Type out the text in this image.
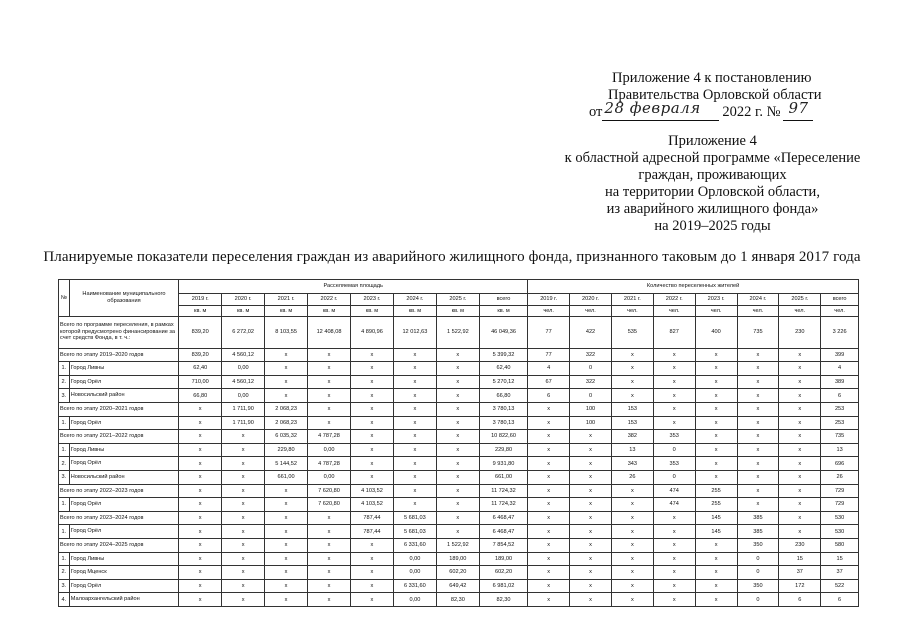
Приложение 4 к постановлению
Правительства Орловской области
от 28 февраля 2022 г. № 97
Приложение 4
к областной адресной программе «Переселение
граждан, проживающих
на территории Орловской области,
из аварийного жилищного фонда»
на 2019–2025 годы
Планируемые показатели переселения граждан из аварийного жилищного фонда, признанного таковым до 1 января 2017 года
№	Наименование муниципального образования	Расселяемая площадь								Количество переселенных жителей							
		2019 г.	2020 г.	2021 г.	2022 г.	2023 г.	2024 г.	2025 г.	всего	2019 г.	2020 г.	2021 г.	2022 г.	2023 г.	2024 г.	2025 г.	всего
		кв. м	кв. м	кв. м	кв. м	кв. м	кв. м	кв. м	кв. м	чел.	чел.	чел.	чел.	чел.	чел.	чел.	чел.
Всего по программе переселения, в рамках которой предусмотрено финансирование за счет средств Фонда, в т. ч.:		839,20	6 272,02	8 103,55	12 408,08	4 890,96	12 012,63	1 522,92	46 049,36	77	422	535	827	400	735	230	3 226
Всего по этапу 2019–2020 годов		839,20	4 560,12	x	x	x	x	x	5 399,32	77	322	x	x	x	x	x	399
1.	Город Ливны	62,40	0,00	x	x	x	x	x	62,40	4	0	x	x	x	x	x	4
2.	Город Орёл	710,00	4 560,12	x	x	x	x	x	5 270,12	67	322	x	x	x	x	x	389
3.	Новосильский район	66,80	0,00	x	x	x	x	x	66,80	6	0	x	x	x	x	x	6
Всего по этапу 2020–2021 годов		x	1 711,90	2 068,23	x	x	x	x	3 780,13	x	100	153	x	x	x	x	253
1.	Город Орёл	x	1 711,90	2 068,23	x	x	x	x	3 780,13	x	100	153	x	x	x	x	253
Всего по этапу 2021–2022 годов		x	x	6 035,32	4 787,28	x	x	x	10 822,60	x	x	382	353	x	x	x	735
1.	Город Ливны	x	x	229,80	0,00	x	x	x	229,80	x	x	13	0	x	x	x	13
2.	Город Орёл	x	x	5 144,52	4 787,28	x	x	x	9 931,80	x	x	343	353	x	x	x	696
3.	Новосильский район	x	x	661,00	0,00	x	x	x	661,00	x	x	26	0	x	x	x	26
Всего по этапу 2022–2023 годов		x	x	x	7 620,80	4 103,52	x	x	11 724,32	x	x	x	474	255	x	x	729
1.	Город Орёл	x	x	x	7 620,80	4 103,52	x	x	11 724,32	x	x	x	474	255	x	x	729
Всего по этапу 2023–2024 годов		x	x	x	x	787,44	5 681,03	x	6 468,47	x	x	x	x	145	385	x	530
1.	Город Орёл	x	x	x	x	787,44	5 681,03	x	6 468,47	x	x	x	x	145	385	x	530
Всего по этапу 2024–2025 годов		x	x	x	x	x	6 331,60	1 522,92	7 854,52	x	x	x	x	x	350	230	580
1.	Город Ливны	x	x	x	x	x	0,00	189,00	189,00	x	x	x	x	x	0	15	15
2.	Город Мценск	x	x	x	x	x	0,00	602,20	602,20	x	x	x	x	x	0	37	37
3.	Город Орёл	x	x	x	x	x	6 331,60	649,42	6 981,02	x	x	x	x	x	350	172	522
4.	Малоархангельский район	x	x	x	x	x	0,00	82,30	82,30	x	x	x	x	x	0	6	6
